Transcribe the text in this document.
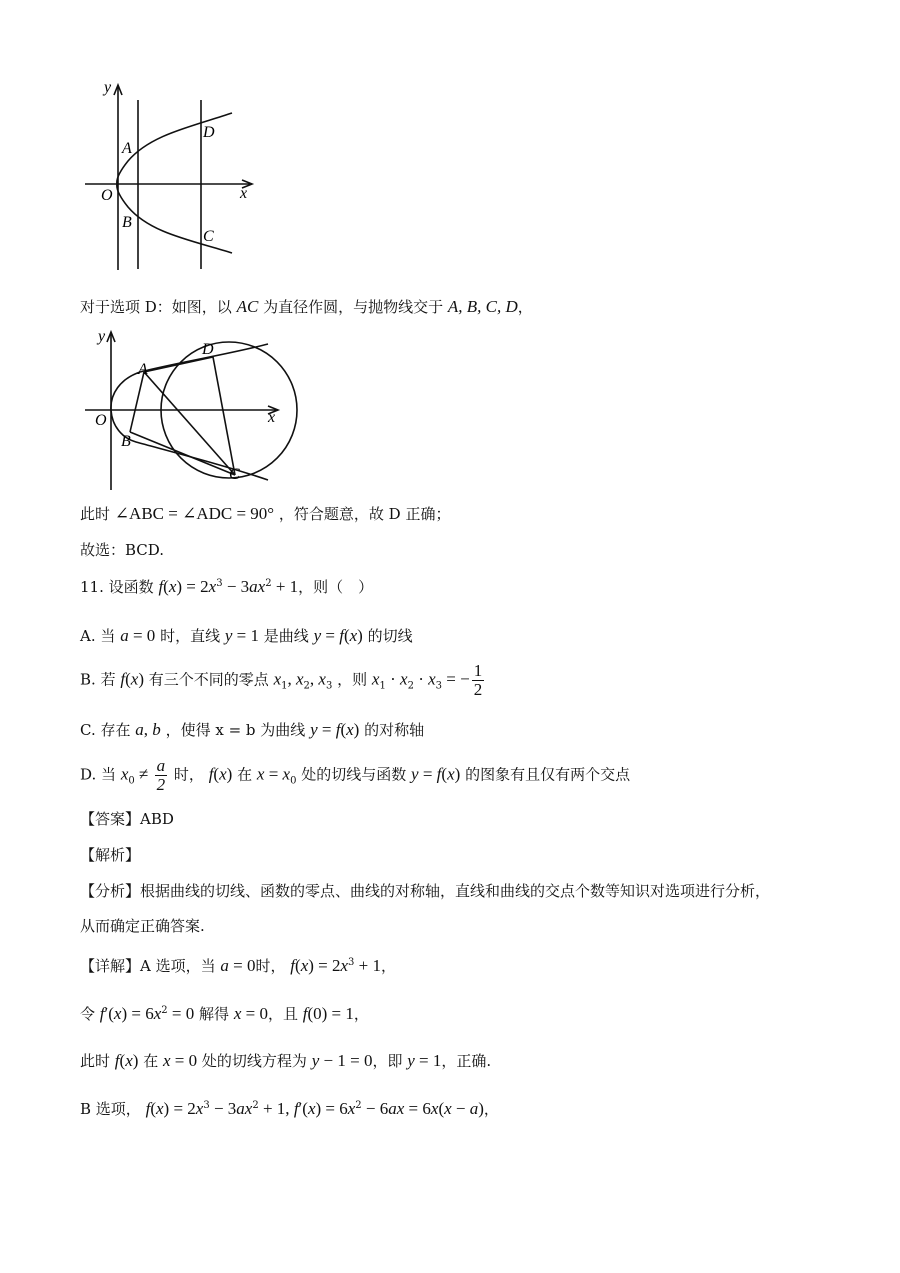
y
x
O
A
B
C
D
对于选项 D：如图，以 AC 为直径作圆，与抛物线交于 A, B, C, D，
y
x
O
A
B
C
D
此时 ∠ABC = ∠ADC = 90° ，符合题意，故 D 正确；
故选：BCD.
11. 设函数 $f(x) = 2x^3 - 3ax^2 + 1$，则（　）
A. 当 a = 0 时，直线 y = 1 是曲线 y = f(x) 的切线
B. 若 f(x) 有三个不同的零点 $x_1$, $x_2$, $x_3$ ，则 $x_1 \cdot x_2 \cdot x_3$ = − $\frac{1}{2}$
C. 存在 a, b ，使得 x = b 为曲线 y = f(x) 的对称轴
D. 当 $x_0 \ne \frac{a}{2}$ 时， f(x) 在 $x = x_0$ 处的切线与函数 y = f(x) 的图象有且仅有两个交点
【答案】ABD
【解析】
【分析】根据曲线的切线、函数的零点、曲线的对称轴，直线和曲线的交点个数等知识对选项进行分析，
从而确定正确答案.
【详解】A 选项，当 a = 0时， $f(x) = 2x^3 + 1$，
令 $f'(x) = 6x^2 = 0$ 解得 x = 0，且 f(0) = 1，
此时 f(x) 在 x = 0 处的切线方程为 y − 1 = 0，即 y = 1，正确.
B 选项， $f(x) = 2x^3 - 3ax^2 + 1$, $f'(x) = 6x^2 - 6ax = 6x(x - a)$，
